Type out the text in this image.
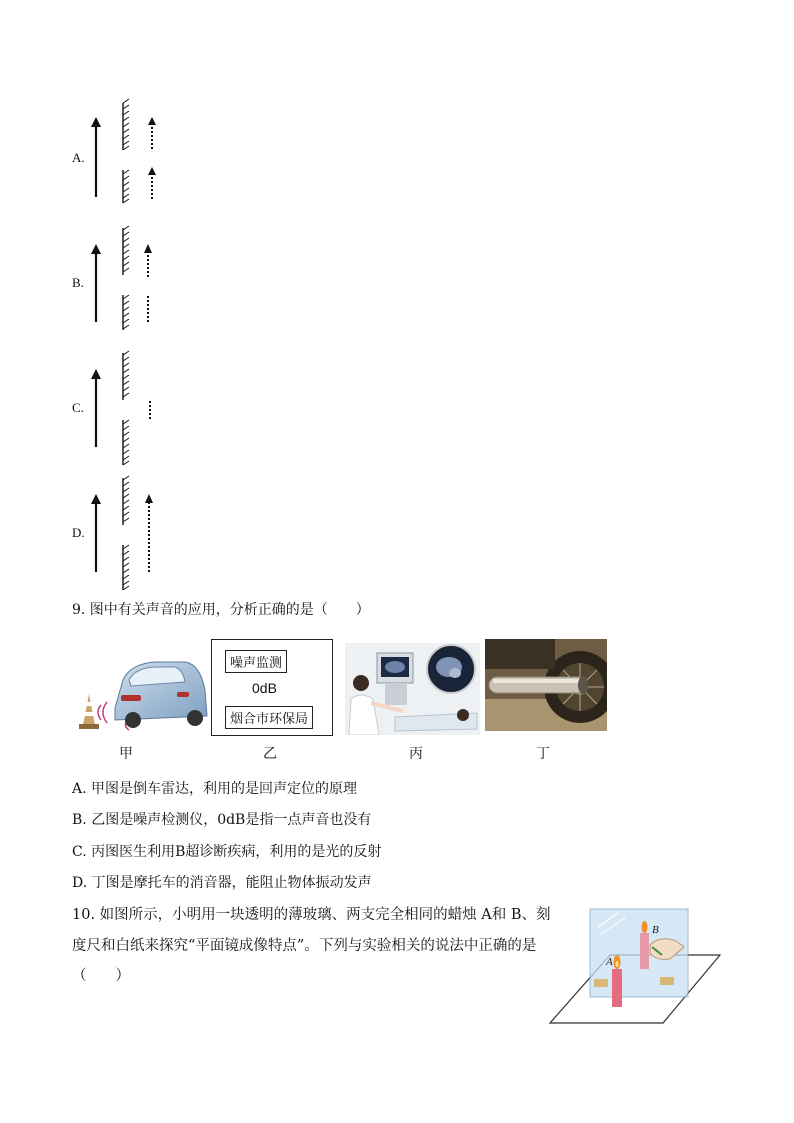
A.
B.
C.
D.
9. 图中有关声音的应用，分析正确的是（　　）
甲
噪声监测
0dB
烟合市环保局
乙	丙	丁
A. 甲图是倒车雷达，利用的是回声定位的原理
B. 乙图是噪声检测仪，0dB是指一点声音也没有
C. 丙图医生利用B超诊断疾病，利用的是光的反射
D. 丁图是摩托车的消音器，能阻止物体振动发声
10. 如图所示，小明用一块透明的薄玻璃、两支完全相同的蜡烛 A和 B、刻
度尺和白纸来探究“平面镜成像特点”。下列与实验相关的说法中正确的是
（　　）
B
A
